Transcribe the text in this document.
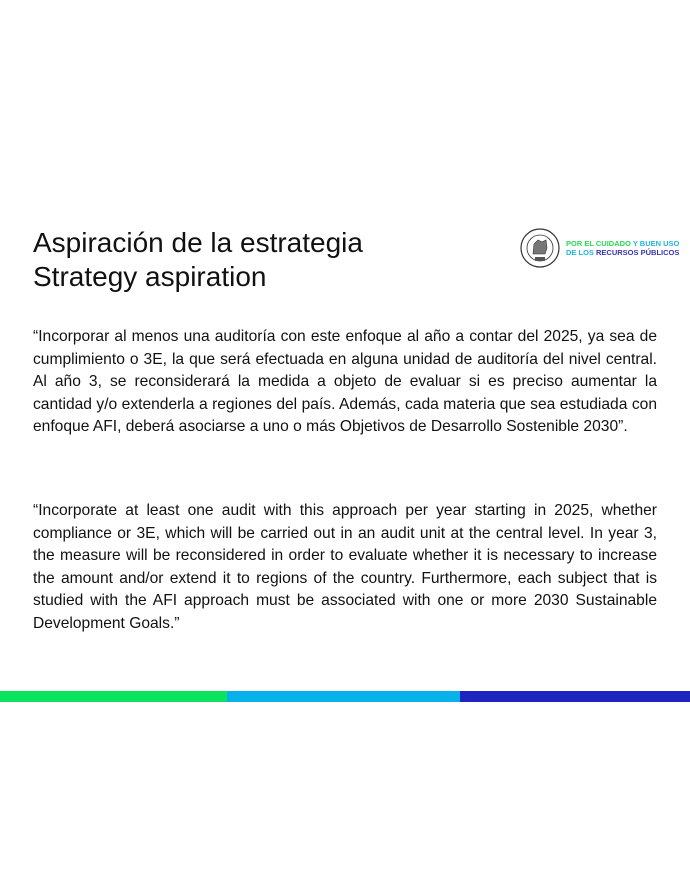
Aspiración de la estrategia
Strategy aspiration
POR EL CUIDADO Y BUEN USO
DE LOS RECURSOS PÚBLICOS
“Incorporar al menos una auditoría con este enfoque al año a contar del 2025, ya sea de cumplimiento o 3E, la que será efectuada en alguna unidad de auditoría del nivel central. Al año 3, se reconsiderará la medida a objeto de evaluar si es preciso aumentar la cantidad y/o extenderla a regiones del país. Además, cada materia que sea estudiada con enfoque AFI, deberá asociarse a uno o más Objetivos de Desarrollo Sostenible 2030”.
“Incorporate at least one audit with this approach per year starting in 2025, whether compliance or 3E, which will be carried out in an audit unit at the central level. In year 3, the measure will be reconsidered in order to evaluate whether it is necessary to increase the amount and/or extend it to regions of the country. Furthermore, each subject that is studied with the AFI approach must be associated with one or more 2030 Sustainable Development Goals.”
